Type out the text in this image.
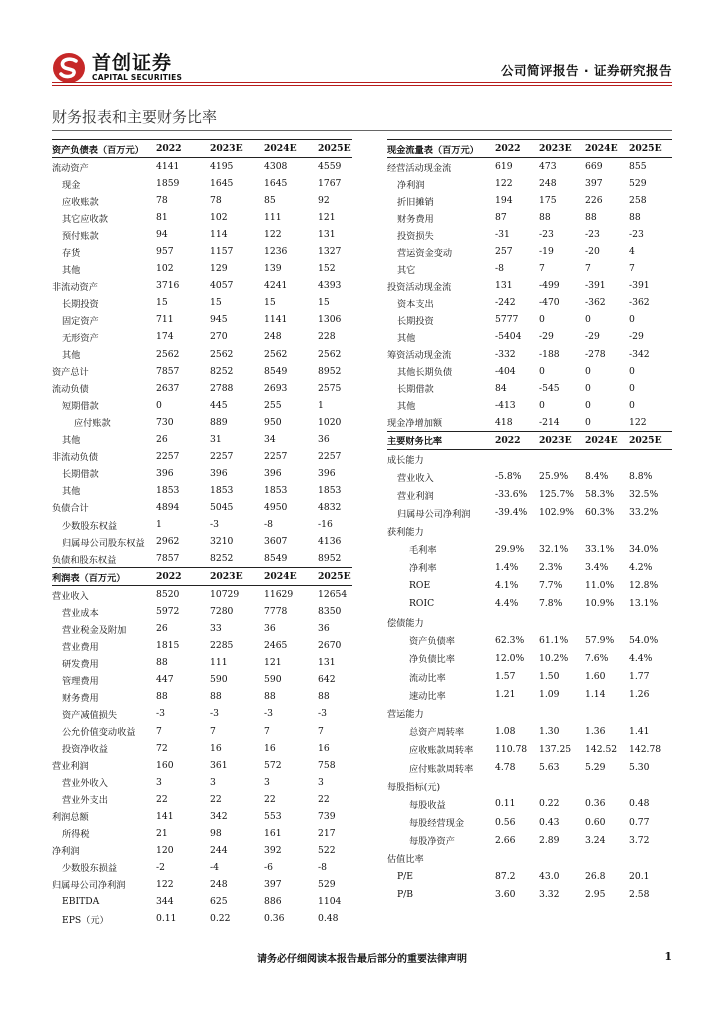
首创证券
CAPITAL SECURITIES	公司简评报告 · 证券研究报告
财务报表和主要财务比率
资产负债表（百万元）	2022	2023E	2024E	2025E
流动资产	4141	4195	4308	4559
现金	1859	1645	1645	1767
应收账款	78	78	85	92
其它应收款	81	102	111	121
预付账款	94	114	122	131
存货	957	1157	1236	1327
其他	102	129	139	152
非流动资产	3716	4057	4241	4393
长期投资	15	15	15	15
固定资产	711	945	1141	1306
无形资产	174	270	248	228
其他	2562	2562	2562	2562
资产总计	7857	8252	8549	8952
流动负债	2637	2788	2693	2575
短期借款	0	445	255	1
应付账款	730	889	950	1020
其他	26	31	34	36
非流动负债	2257	2257	2257	2257
长期借款	396	396	396	396
其他	1853	1853	1853	1853
负债合计	4894	5045	4950	4832
少数股东权益	1	-3	-8	-16
归属母公司股东权益	2962	3210	3607	4136
负债和股东权益	7857	8252	8549	8952
利润表（百万元）	2022	2023E	2024E	2025E
营业收入	8520	10729	11629	12654
营业成本	5972	7280	7778	8350
营业税金及附加	26	33	36	36
营业费用	1815	2285	2465	2670
研发费用	88	111	121	131
管理费用	447	590	590	642
财务费用	88	88	88	88
资产减值损失	-3	-3	-3	-3
公允价值变动收益	7	7	7	7
投资净收益	72	16	16	16
营业利润	160	361	572	758
营业外收入	3	3	3	3
营业外支出	22	22	22	22
利润总额	141	342	553	739
所得税	21	98	161	217
净利润	120	244	392	522
少数股东损益	-2	-4	-6	-8
归属母公司净利润	122	248	397	529
EBITDA	344	625	886	1104
EPS（元）	0.11	0.22	0.36	0.48
现金流量表（百万元）	2022	2023E	2024E	2025E
经营活动现金流	619	473	669	855
净利润	122	248	397	529
折旧摊销	194	175	226	258
财务费用	87	88	88	88
投资损失	-31	-23	-23	-23
营运资金变动	257	-19	-20	4
其它	-8	7	7	7
投资活动现金流	131	-499	-391	-391
资本支出	-242	-470	-362	-362
长期投资	5777	0	0	0
其他	-5404	-29	-29	-29
筹资活动现金流	-332	-188	-278	-342
其他长期负债	-404	0	0	0
长期借款	84	-545	0	0
其他	-413	0	0	0
现金净增加额	418	-214	0	122
主要财务比率	2022	2023E	2024E	2025E
成长能力				
营业收入	-5.8%	25.9%	8.4%	8.8%
营业利润	-33.6%	125.7%	58.3%	32.5%
归属母公司净利润	-39.4%	102.9%	60.3%	33.2%
获利能力				
毛利率	29.9%	32.1%	33.1%	34.0%
净利率	1.4%	2.3%	3.4%	4.2%
ROE	4.1%	7.7%	11.0%	12.8%
ROIC	4.4%	7.8%	10.9%	13.1%
偿债能力				
资产负债率	62.3%	61.1%	57.9%	54.0%
净负债比率	12.0%	10.2%	7.6%	4.4%
流动比率	1.57	1.50	1.60	1.77
速动比率	1.21	1.09	1.14	1.26
营运能力				
总资产周转率	1.08	1.30	1.36	1.41
应收账款周转率	110.78	137.25	142.52	142.78
应付账款周转率	4.78	5.63	5.29	5.30
每股指标(元)				
每股收益	0.11	0.22	0.36	0.48
每股经营现金	0.56	0.43	0.60	0.77
每股净资产	2.66	2.89	3.24	3.72
估值比率				
P/E	87.2	43.0	26.8	20.1
P/B	3.60	3.32	2.95	2.58
请务必仔细阅读本报告最后部分的重要法律声明	1
